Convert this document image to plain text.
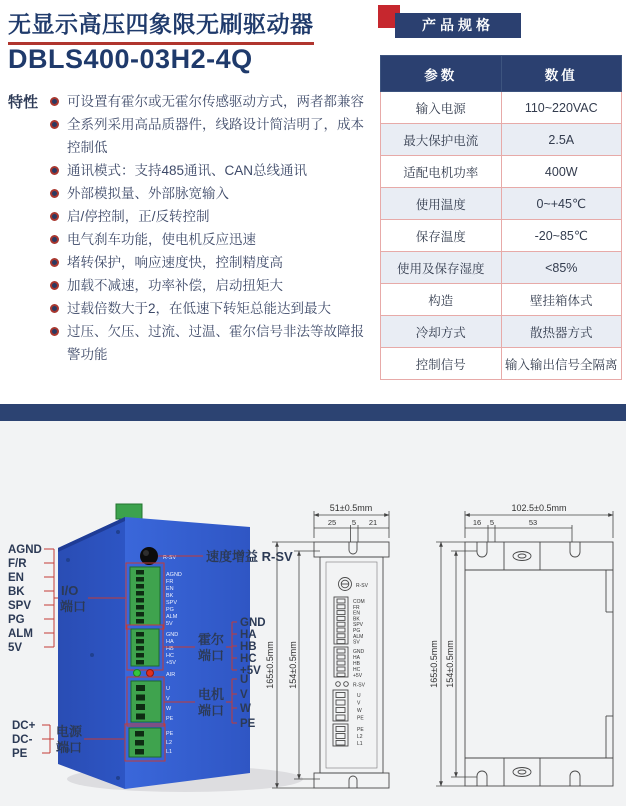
无显示高压四象限无刷驱动器
DBLS400-03H2-4Q
特性	可设置有霍尔或无霍尔传感驱动方式，两者都兼容
全系列采用高品质器件，线路设计简洁明了，成本控制低
通讯模式：支持485通讯、CAN总线通讯
外部模拟量、外部脉宽输入
启/停控制，正/反转控制
电气刹车功能，使电机反应迅速
堵转保护，响应速度快，控制精度高
加载不减速，功率补偿，启动扭矩大
过载倍数大于2，在低速下转矩总能达到最大
过压、欠压、过流、过温、霍尔信号非法等故障报警功能
产品规格
参数	数值
输入电源	110~220VAC
最大保护电流	2.5A
适配电机功率	400W
使用温度	0~+45℃
保存温度	-20~85℃
使用及保存湿度	<85%
构造	壁挂箱体式
冷却方式	散热器方式
控制信号	输入输出信号全隔离
R-SV
AGND
FR
EN
BK
SPV
PG
ALM
5V
GND
HA
HB
HC
+5V
AIR
U
V
W
PE
PE
L2
L1
AGND
F/R
EN
BK
SPV
PG
ALM
5V
I/O
端口
速度增益 R-SV
霍尔
端口
GND
HA
HB
HC
+5V
电机
端口
U
V
W
PE
DC+
DC-
PE
电源
端口
51±0.5mm
25 5 21
165±0.5mm 154±0.5mm
R-SV
COM
FR
EN
BK
SPV
PG
ALM
SV
GND
HA
HB
HC
+5V
R-SV
U
V
W
PE
PE
L2
L1
102.5±0.5mm
16 5	53
165±0.5mm 154±0.5mm
